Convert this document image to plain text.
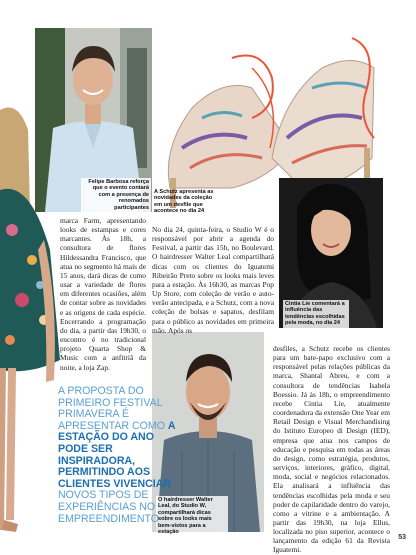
Felipe Barbosa reforça que o evento contará com a presença de renomados participantes
A Schutz apresenta as novidades da coleção em um desfile que acontece no dia 24
Cintia Lie comentará a influência das tendências escolhidas pela moda, no dia 24
O hairdresser Walter Leal, do Studio W, compartilhará dicas sobre os looks mais bem-vistos para a estação
marca Farm, apresentando looks de estampas e cores marcantes. Às 18h, a consultora de flores Hildessandra Francisco, que atua no segmento há mais de 15 anos, dará dicas de como usar a variedade de flores em diferentes ocasiões, além de contar sobre as novidades e as origens de cada espécie. Encerrando a programação do dia, a partir das 19h30, o encontro é no tradicional projeto Quarta Shop & Music com a anfitriã da noite, a loja Zap.
No dia 24, quinta-feira, o Studio W é o responsável por abrir a agenda do Festival, a partir das 15h, no Boulevard. O hairdresser Walter Leal compartilhará dicas com os clientes do Iguatemi Ribeirão Preto sobre os looks mais leves para a estação. Às 16h30, as marcas Pop Up Store, com coleção de verão e auto-verão antecipada, e a Schutz, com a nova coleção de bolsas e sapatos, desfilam para o público as novidades em primeira mão. Após os
desfiles, a Schutz recebe os clientes para um bate-papo exclusivo com a responsável pelas relações públicas da marca, Shantal Abreu, e com a consultora de tendências Isabela Boessio. Já às 18h, o empreendimento recebe Cintia Lie, atualmente coordenadora da extensão One Year em Retail Design e Visual Merchandising do Istituto Europeo di Design (IED), empresa que atua nos campos de educação e pesquisa em todas as áreas do design, como estratégia, produtos, serviços, interiores, gráfico, digital, moda, social e negócios relacionados. Ela analisará a influência das tendências escolhidas pela moda e seu poder de capilaridade dentro do varejo, como a vitrine e a ambientação. A partir das 19h30, na loja Ellus, localizada no piso superior, acontece o lançamento da edição 61 da Revista Iguatemi.
A PROPOSTA DO PRIMEIRO FESTIVAL PRIMAVERA É APRESENTAR COMO A ESTAÇÃO DO ANO PODE SER INSPIRADORA, PERMITINDO AOS CLIENTES VIVENCIAR NOVOS TIPOS DE EXPERIÊNCIAS NO EMPREENDIMENTO
53
